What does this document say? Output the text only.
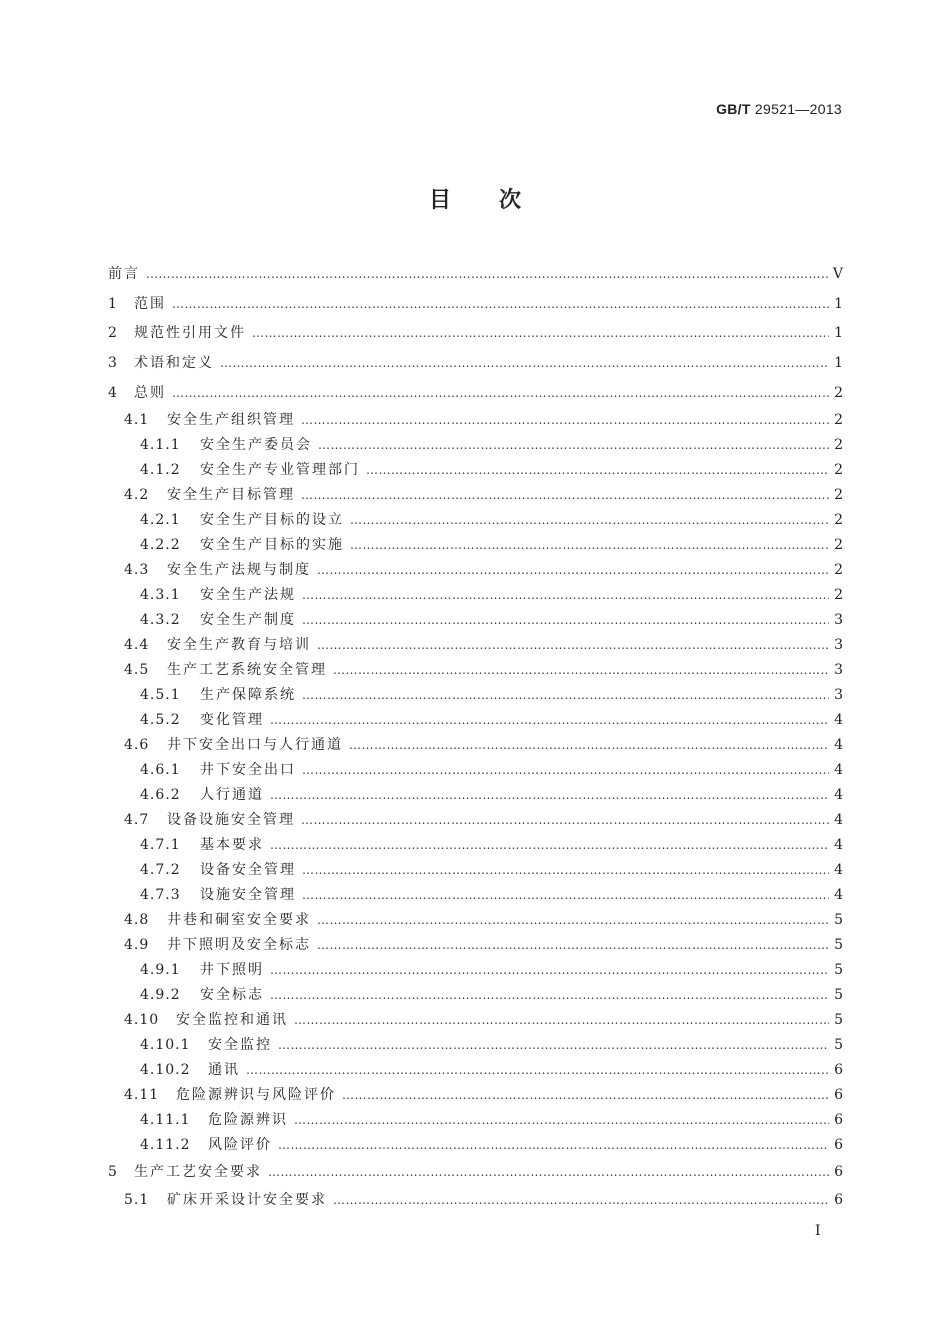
GB/T 29521—2013
目次
前言 ……………………………………………………………………………………………………………………………………………………………………	V
1	范围 ……………………………………………………………………………………………………………………………………………………………………	1
2	规范性引用文件 ……………………………………………………………………………………………………………………………………………………………………	1
3	术语和定义 ……………………………………………………………………………………………………………………………………………………………………	1
4	总则 ……………………………………………………………………………………………………………………………………………………………………	2
4.1	安全生产组织管理 ……………………………………………………………………………………………………………………………………………………………………	2
4.1.1	安全生产委员会 ……………………………………………………………………………………………………………………………………………………………………	2
4.1.2	安全生产专业管理部门 ……………………………………………………………………………………………………………………………………………………………………	2
4.2	安全生产目标管理 ……………………………………………………………………………………………………………………………………………………………………	2
4.2.1	安全生产目标的设立 ……………………………………………………………………………………………………………………………………………………………………	2
4.2.2	安全生产目标的实施 ……………………………………………………………………………………………………………………………………………………………………	2
4.3	安全生产法规与制度 ……………………………………………………………………………………………………………………………………………………………………	2
4.3.1	安全生产法规 ……………………………………………………………………………………………………………………………………………………………………	2
4.3.2	安全生产制度 ……………………………………………………………………………………………………………………………………………………………………	3
4.4	安全生产教育与培训 ……………………………………………………………………………………………………………………………………………………………………	3
4.5	生产工艺系统安全管理 ……………………………………………………………………………………………………………………………………………………………………	3
4.5.1	生产保障系统 ……………………………………………………………………………………………………………………………………………………………………	3
4.5.2	变化管理 ……………………………………………………………………………………………………………………………………………………………………	4
4.6	井下安全出口与人行通道 ……………………………………………………………………………………………………………………………………………………………………	4
4.6.1	井下安全出口 ……………………………………………………………………………………………………………………………………………………………………	4
4.6.2	人行通道 ……………………………………………………………………………………………………………………………………………………………………	4
4.7	设备设施安全管理 ……………………………………………………………………………………………………………………………………………………………………	4
4.7.1	基本要求 ……………………………………………………………………………………………………………………………………………………………………	4
4.7.2	设备安全管理 ……………………………………………………………………………………………………………………………………………………………………	4
4.7.3	设施安全管理 ……………………………………………………………………………………………………………………………………………………………………	4
4.8	井巷和硐室安全要求 ……………………………………………………………………………………………………………………………………………………………………	5
4.9	井下照明及安全标志 ……………………………………………………………………………………………………………………………………………………………………	5
4.9.1	井下照明 ……………………………………………………………………………………………………………………………………………………………………	5
4.9.2	安全标志 ……………………………………………………………………………………………………………………………………………………………………	5
4.10	安全监控和通讯 ……………………………………………………………………………………………………………………………………………………………………	5
4.10.1	安全监控 ……………………………………………………………………………………………………………………………………………………………………	5
4.10.2	通讯 ……………………………………………………………………………………………………………………………………………………………………	6
4.11	危险源辨识与风险评价 ……………………………………………………………………………………………………………………………………………………………………	6
4.11.1	危险源辨识 ……………………………………………………………………………………………………………………………………………………………………	6
4.11.2	风险评价 ……………………………………………………………………………………………………………………………………………………………………	6
5	生产工艺安全要求 ……………………………………………………………………………………………………………………………………………………………………	6
5.1	矿床开采设计安全要求 ……………………………………………………………………………………………………………………………………………………………………	6
I
